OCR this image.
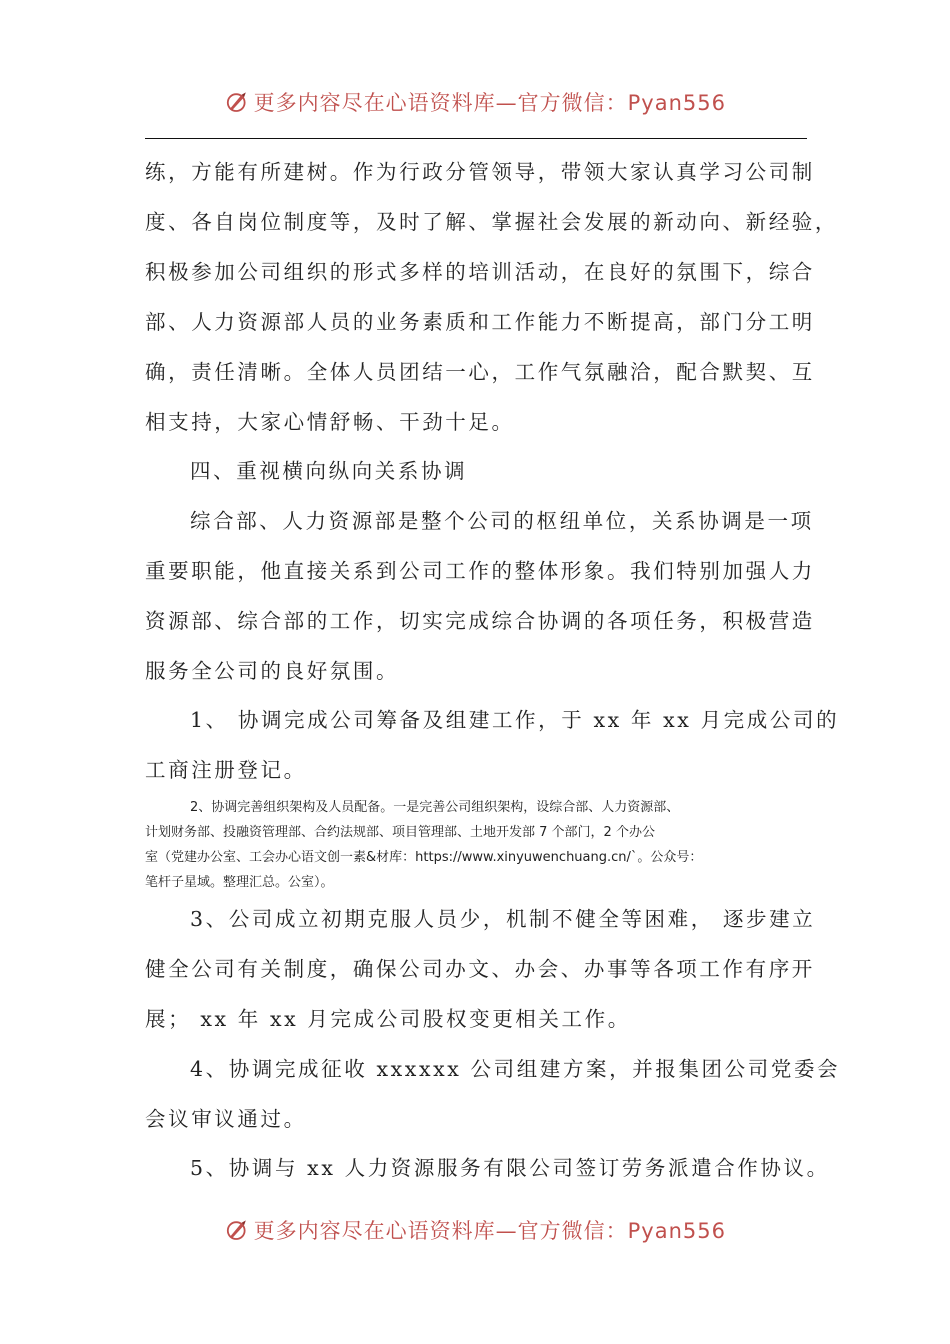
更多内容尽在心语资料库—官方微信：Pyan556
练，方能有所建树。作为行政分管领导，带领大家认真学习公司制
度、各自岗位制度等，及时了解、掌握社会发展的新动向、新经验，
积极参加公司组织的形式多样的培训活动，在良好的氛围下，综合
部、人力资源部人员的业务素质和工作能力不断提高，部门分工明
确，责任清晰。全体人员团结一心，工作气氛融洽，配合默契、互
相支持，大家心情舒畅、干劲十足。
四、重视横向纵向关系协调
综合部、人力资源部是整个公司的枢纽单位，关系协调是一项
重要职能，他直接关系到公司工作的整体形象。我们特别加强人力
资源部、综合部的工作，切实完成综合协调的各项任务，积极营造
服务全公司的良好氛围。
1、 协调完成公司筹备及组建工作，于 xx 年 xx 月完成公司的
工商注册登记。
2、协调完善组织架构及人员配备。一是完善公司组织架构，设综合部、人力资源部、
计划财务部、投融资管理部、合约法规部、项目管理部、土地开发部 7 个部门，2 个办公
室（党建办公室、工会办心语文创一素&材库：https://www.xinyuwenchuang.cn/`。公众号：
笔杆子星域。整理汇总。公室）。
3、公司成立初期克服人员少，机制不健全等困难， 逐步建立
健全公司有关制度，确保公司办文、办会、办事等各项工作有序开
展； xx 年 xx 月完成公司股权变更相关工作。
4、协调完成征收 xxxxxx 公司组建方案，并报集团公司党委会
会议审议通过。
5、协调与 xx 人力资源服务有限公司签订劳务派遣合作协议。
更多内容尽在心语资料库—官方微信：Pyan556
